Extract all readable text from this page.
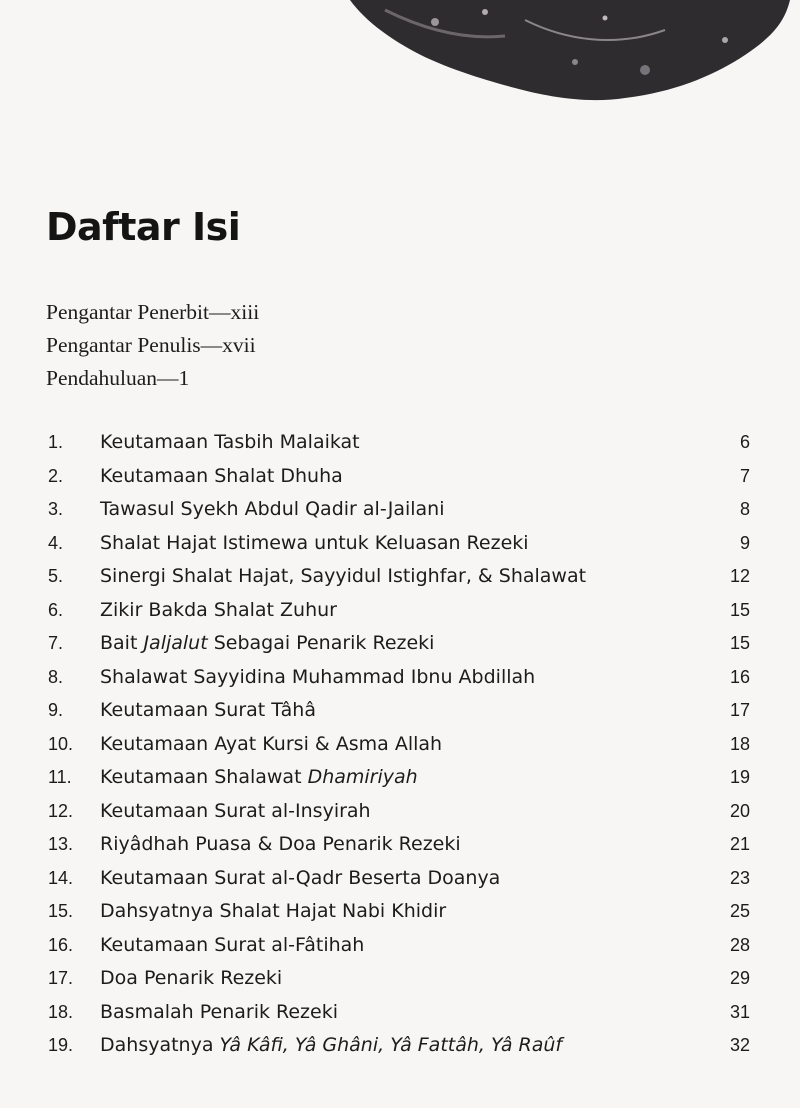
Daftar Isi
Pengantar Penerbit—xiii
Pengantar Penulis—xvii
Pendahuluan—1
1. Keutamaan Tasbih Malaikat	6
2. Keutamaan Shalat Dhuha	7
3. Tawasul Syekh Abdul Qadir al-Jailani	8
4. Shalat Hajat Istimewa untuk Keluasan Rezeki	9
5. Sinergi Shalat Hajat, Sayyidul Istighfar, & Shalawat	12
6. Zikir Bakda Shalat Zuhur	15
7. Bait Jaljalut Sebagai Penarik Rezeki	15
8. Shalawat Sayyidina Muhammad Ibnu Abdillah	16
9. Keutamaan Surat Tâhâ	17
10. Keutamaan Ayat Kursi & Asma Allah	18
11. Keutamaan Shalawat Dhamiriyah	19
12. Keutamaan Surat al-Insyirah	20
13. Riyâdhah Puasa & Doa Penarik Rezeki	21
14. Keutamaan Surat al-Qadr Beserta Doanya	23
15. Dahsyatnya Shalat Hajat Nabi Khidir	25
16. Keutamaan Surat al-Fâtihah	28
17. Doa Penarik Rezeki	29
18. Basmalah Penarik Rezeki	31
19. Dahsyatnya Yâ Kâfi, Yâ Ghâni, Yâ Fattâh, Yâ Raûf	32
